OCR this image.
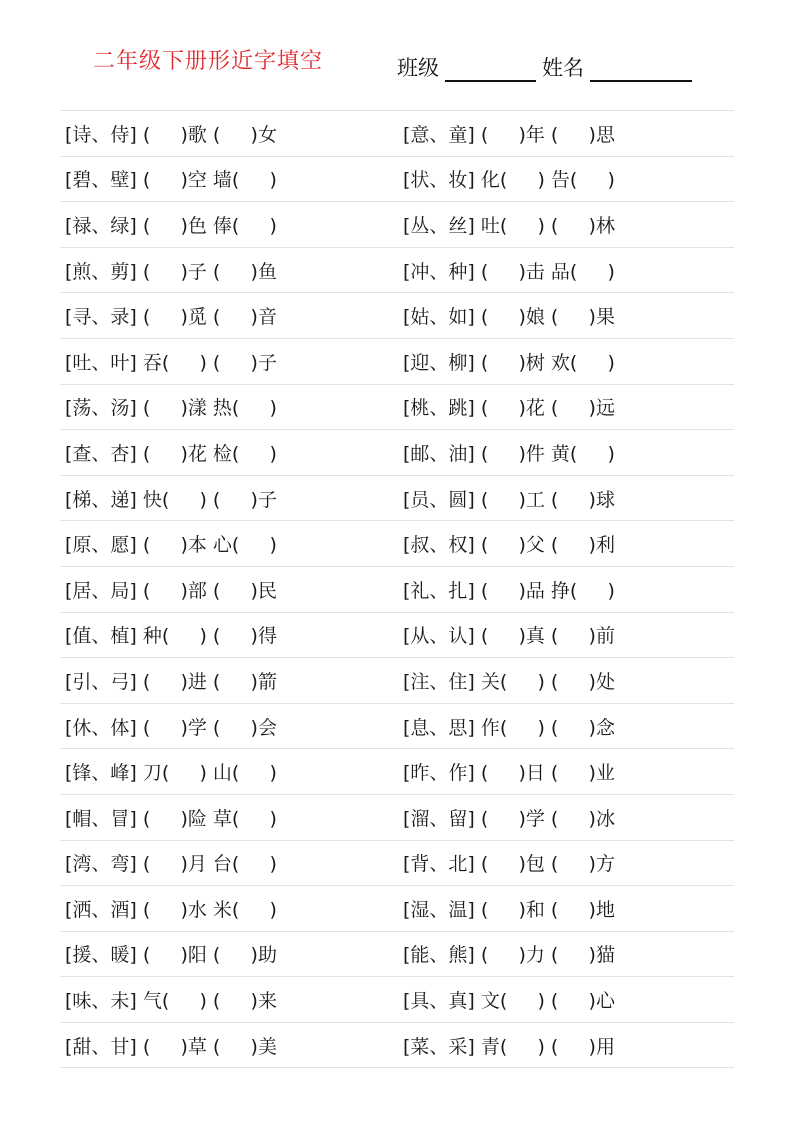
二年级下册形近字填空	班级	姓名
[诗、侍] (     )歌 (     )女	[意、童] (     )年 (     )思
[碧、壁] (     )空 墙(     )	[状、妆] 化(     ) 告(     )
[禄、绿] (     )色 俸(     )	[丛、丝] 吐(     ) (     )林
[煎、剪] (     )子 (     )鱼	[冲、种] (     )击 品(     )
[寻、录] (     )觅 (     )音	[姑、如] (     )娘 (     )果
[吐、叶] 吞(     ) (     )子	[迎、柳] (     )树 欢(     )
[荡、汤] (     )漾 热(     )	[桃、跳] (     )花 (     )远
[查、杏] (     )花 检(     )	[邮、油] (     )件 黄(     )
[梯、递] 快(     ) (     )子	[员、圆] (     )工 (     )球
[原、愿] (     )本 心(     )	[叔、权] (     )父 (     )利
[居、局] (     )部 (     )民	[礼、扎] (     )品 挣(     )
[值、植] 种(     ) (     )得	[从、认] (     )真 (     )前
[引、弓] (     )进 (     )箭	[注、住] 关(     ) (     )处
[休、体] (     )学 (     )会	[息、思] 作(     ) (     )念
[锋、峰] 刀(     ) 山(     )	[昨、作] (     )日 (     )业
[帽、冒] (     )险 草(     )	[溜、留] (     )学 (     )冰
[湾、弯] (     )月 台(     )	[背、北] (     )包 (     )方
[洒、酒] (     )水 米(     )	[湿、温] (     )和 (     )地
[援、暖] (     )阳 (     )助	[能、熊] (     )力 (     )猫
[味、未] 气(     ) (     )来	[具、真] 文(     ) (     )心
[甜、甘] (     )草 (     )美	[菜、采] 青(     ) (     )用
